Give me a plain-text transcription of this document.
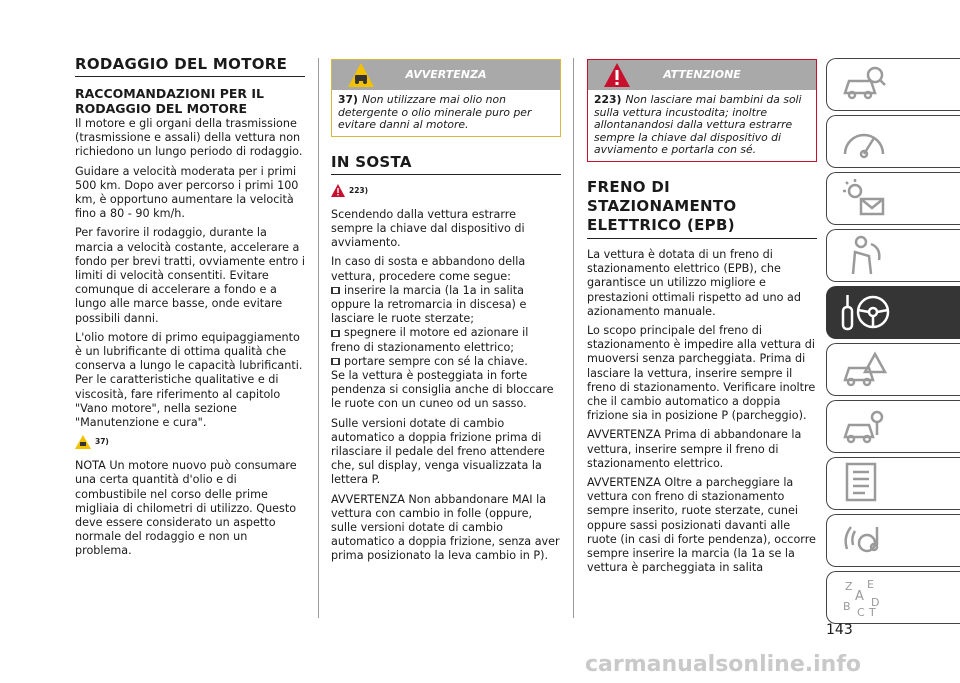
RODAGGIO DEL MOTORE
RACCOMANDAZIONI PER IL RODAGGIO DEL MOTORE

Il motore e gli organi della trasmissione (trasmissione e assali) della vettura non richiedono un lungo periodo di rodaggio.

Guidare a velocità moderata per i primi 500 km. Dopo aver percorso i primi 100 km, è opportuno aumentare la velocità fino a 80 - 90 km/h.

Per favorire il rodaggio, durante la marcia a velocità costante, accelerare a fondo per brevi tratti, ovviamente entro i limiti di velocità consentiti. Evitare comunque di accelerare a fondo e a lungo alle marce basse, onde evitare possibili danni.

L'olio motore di primo equipaggiamento è un lubrificante di ottima qualità che conserva a lungo le capacità lubrificanti. Per le caratteristiche qualitative e di viscosità, fare riferimento al capitolo "Vano motore", nella sezione "Manutenzione e cura".

37)

NOTA Un motore nuovo può consumare una certa quantità d'olio e di combustibile nel corso delle prime migliaia di chilometri di utilizzo. Questo deve essere considerato un aspetto normale del rodaggio e non un problema.

AVVERTENZA
37) Non utilizzare mai olio non detergente o olio minerale puro per evitare danni al motore.
IN SOSTA
223)

Scendendo dalla vettura estrarre sempre la chiave dal dispositivo di avviamento.

In caso di sosta e abbandono della vettura, procedere come segue:

inserire la marcia (la 1a in salita oppure la retromarcia in discesa) e lasciare le ruote sterzate;
spegnere il motore ed azionare il freno di stazionamento elettrico;
portare sempre con sé la chiave.

Se la vettura è posteggiata in forte pendenza si consiglia anche di bloccare le ruote con un cuneo od un sasso.

Sulle versioni dotate di cambio automatico a doppia frizione prima di rilasciare il pedale del freno attendere che, sul display, venga visualizzata la lettera P.

AVVERTENZA Non abbandonare MAI la vettura con cambio in folle (oppure, sulle versioni dotate di cambio automatico a doppia frizione, senza aver prima posizionato la leva cambio in P).

ATTENZIONE
223) Non lasciare mai bambini da soli sulla vettura incustodita; inoltre allontanandosi dalla vettura estrarre sempre la chiave dal dispositivo di avviamento e portarla con sé.
FRENO DI STAZIONAMENTO ELETTRICO (EPB)

La vettura è dotata di un freno di stazionamento elettrico (EPB), che garantisce un utilizzo migliore e prestazioni ottimali rispetto ad uno ad azionamento manuale.

Lo scopo principale del freno di stazionamento è impedire alla vettura di muoversi senza parcheggiata. Prima di lasciare la vettura, inserire sempre il freno di stazionamento. Verificare inoltre che il cambio automatico a doppia frizione sia in posizione P (parcheggio).

AVVERTENZA Prima di abbandonare la vettura, inserire sempre il freno di stazionamento elettrico.

AVVERTENZA Oltre a parcheggiare la vettura con freno di stazionamento sempre inserito, ruote sterzate, cunei oppure sassi posizionati davanti alle ruote (in casi di forte pendenza), occorre sempre inserire la marcia (la 1a se la vettura è parcheggiata in salita

Z E
A
B D
C T
143
carmanualsonline.info
